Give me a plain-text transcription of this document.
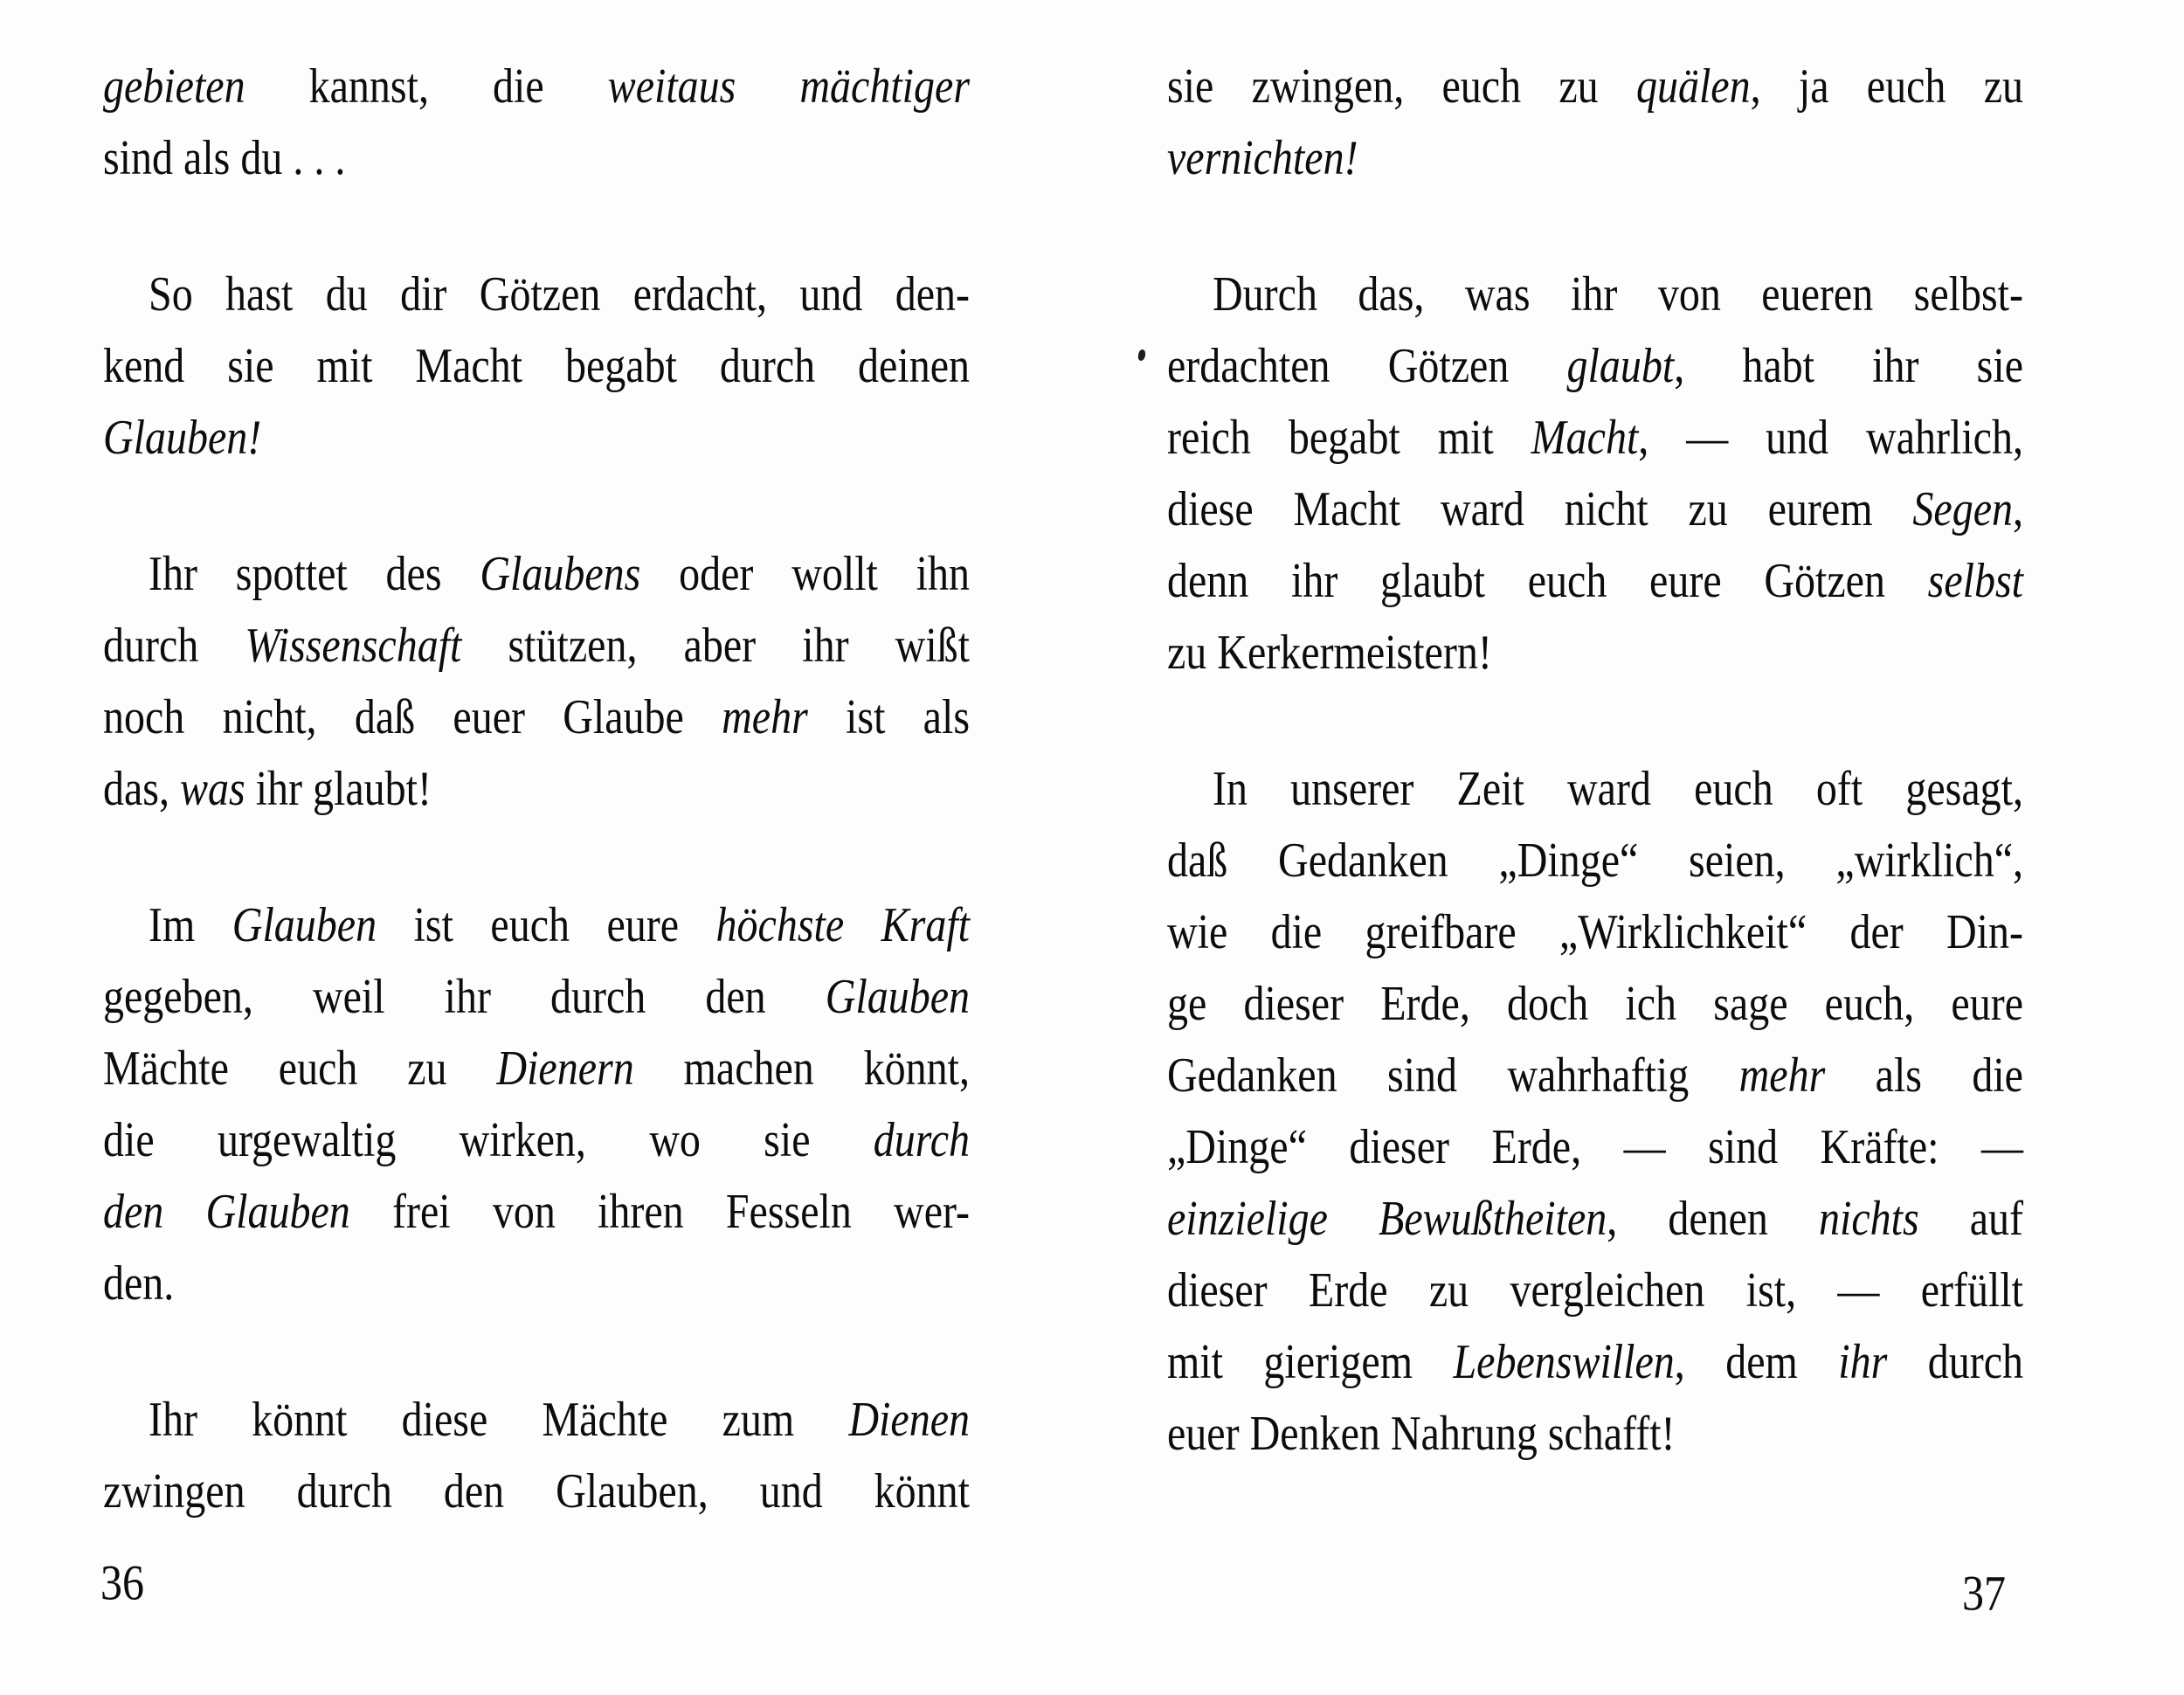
gebieten kannst, die weitaus mächtiger
sind als du . . .
So hast du dir Götzen erdacht, und den-
kend sie mit Macht begabt durch deinen
Glauben!
Ihr spottet des Glaubens oder wollt ihn
durch Wissenschaft stützen, aber ihr wißt
noch nicht, daß euer Glaube mehr ist als
das, was ihr glaubt!
Im Glauben ist euch eure höchste Kraft
gegeben, weil ihr durch den Glauben
Mächte euch zu Dienern machen könnt,
die urgewaltig wirken, wo sie durch
den Glauben frei von ihren Fesseln wer-
den.
Ihr könnt diese Mächte zum Dienen
zwingen durch den Glauben, und könnt
36
sie zwingen, euch zu quälen, ja euch zu
vernichten!
Durch das, was ihr von eueren selbst-
erdachten Götzen glaubt, habt ihr sie
reich begabt mit Macht, — und wahrlich,
diese Macht ward nicht zu eurem Segen,
denn ihr glaubt euch eure Götzen selbst
zu Kerkermeistern!
In unserer Zeit ward euch oft gesagt,
daß Gedanken „Dinge“ seien, „wirklich“,
wie die greifbare „Wirklichkeit“ der Din-
ge dieser Erde, doch ich sage euch, eure
Gedanken sind wahrhaftig mehr als die
„Dinge“ dieser Erde, — sind Kräfte: —
einzielige Bewußtheiten, denen nichts auf
dieser Erde zu vergleichen ist, — erfüllt
mit gierigem Lebenswillen, dem ihr durch
euer Denken Nahrung schafft!
37
